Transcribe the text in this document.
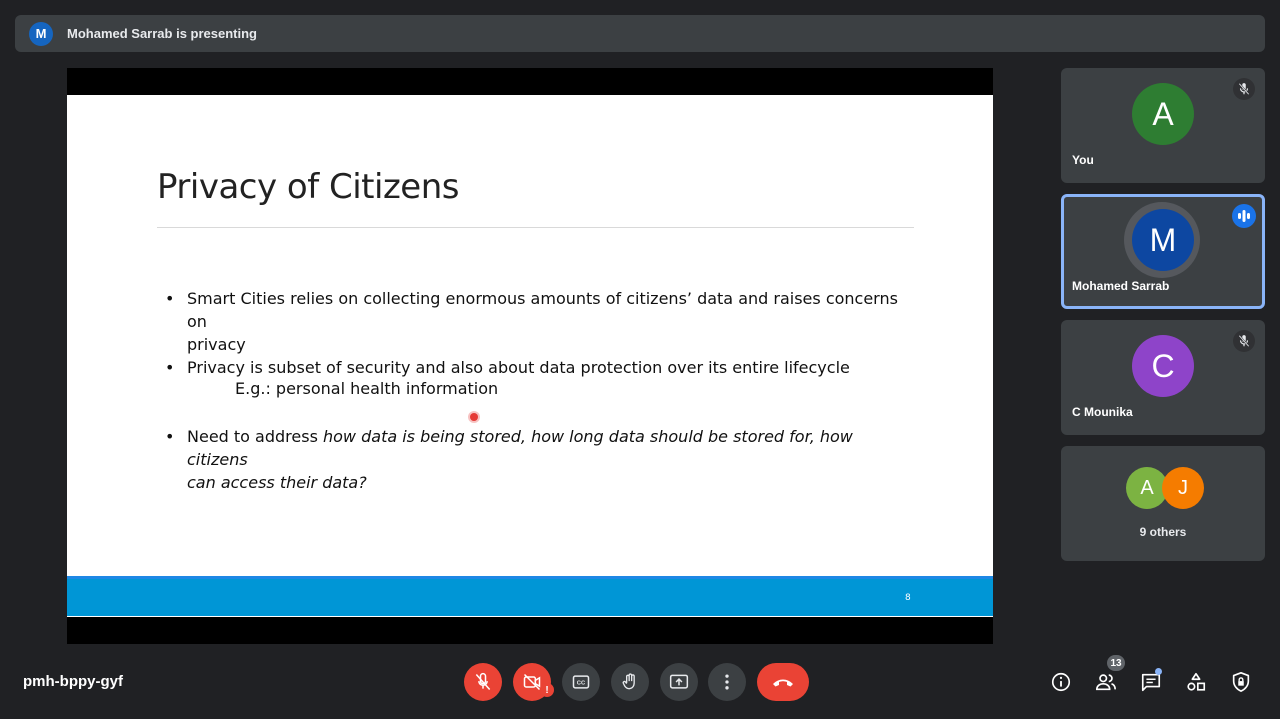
M	Mohamed Sarrab is presenting
Privacy of Citizens
• Smart Cities relies on collecting enormous amounts of citizens’ data and raises concerns on
privacy
• Privacy is subset of security and also about data protection over its entire lifecycle
E.g.: personal health information
• Need to address how data is being stored, how long data should be stored for, how citizens
can access their data?
8
A
You
M
Mohamed Sarrab
C
C Mounika
A	J
9 others
pmh-bppy-gyf	!
CC
13
